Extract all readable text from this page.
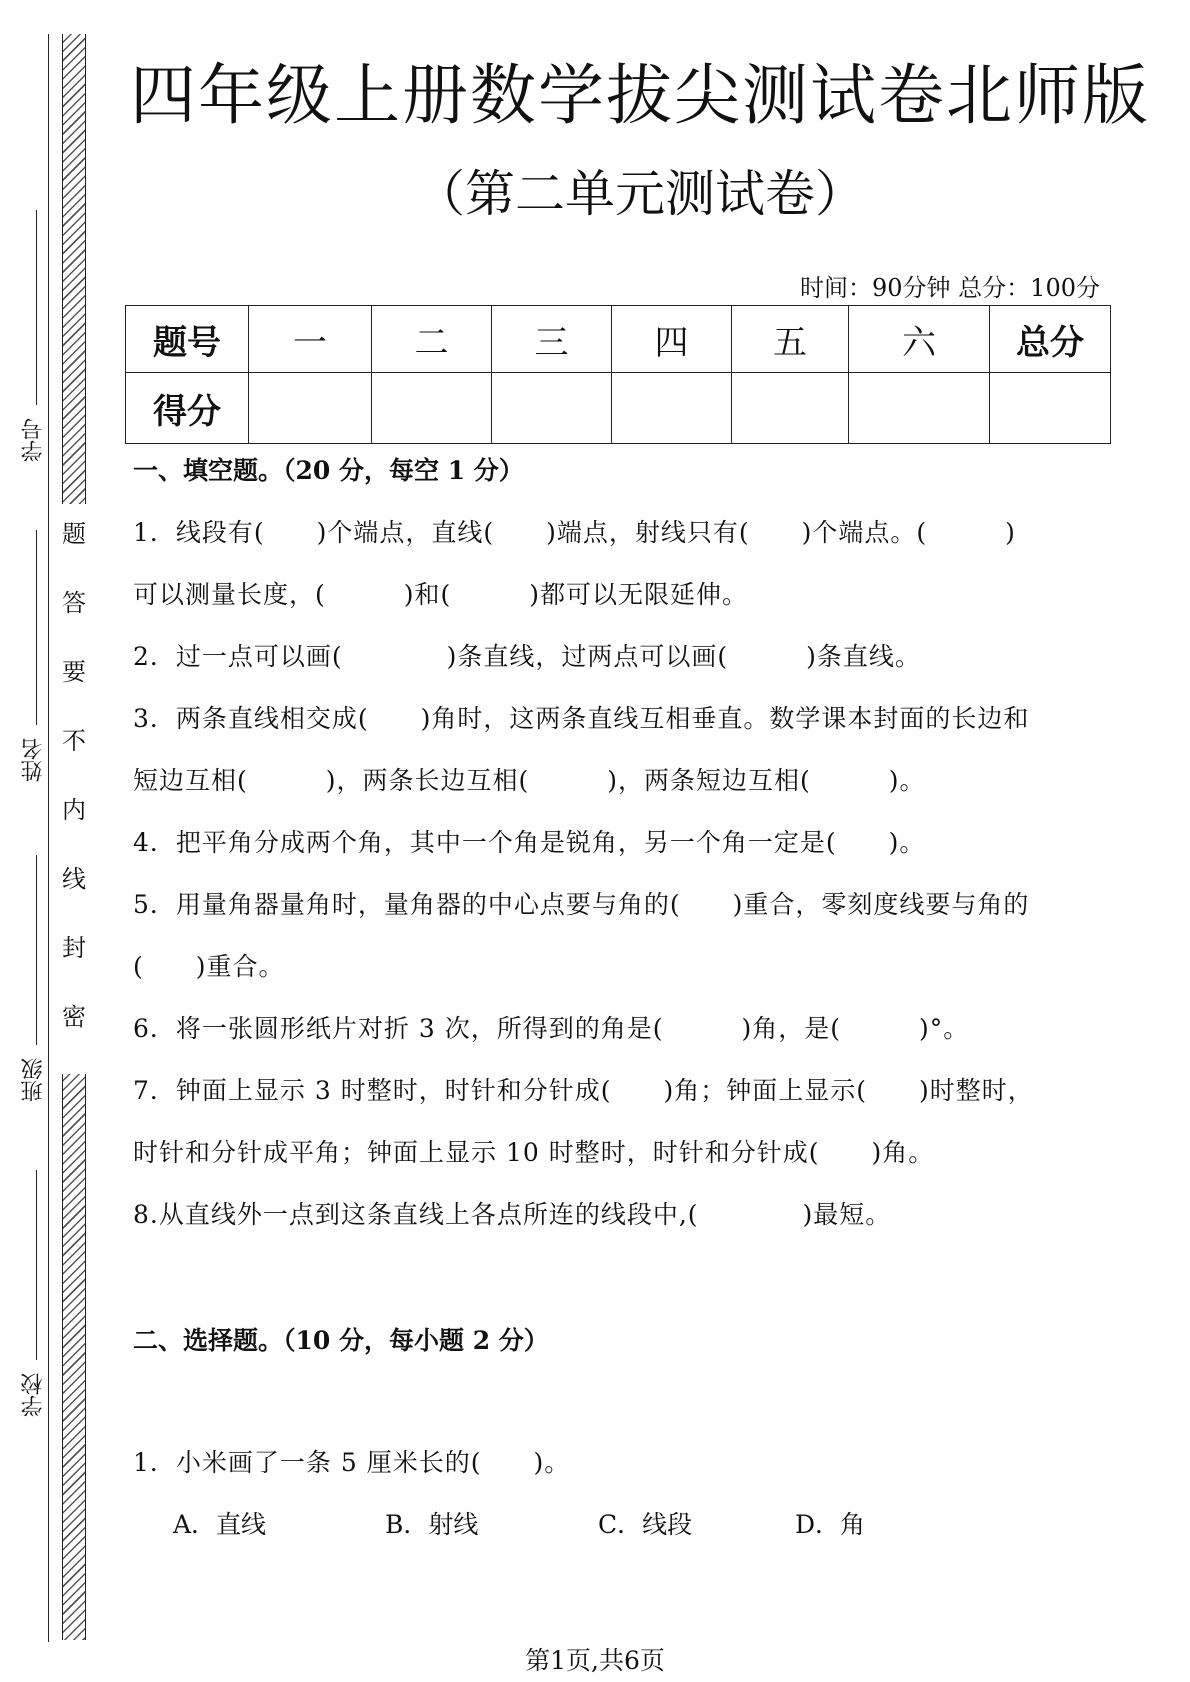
题
答
要
不
内
线
封
密
学号
姓名
班级
学校
四年级上册数学拔尖测试卷北师版
（第二单元测试卷）
时间：90分钟 总分：100分
题号	一	二	三	四	五	六	总分
得分							
一、填空题。（20 分，每空 1 分）
1．线段有(　　)个端点，直线(　　)端点，射线只有(　　)个端点。(　　　)
可以测量长度，(　　　)和(　　　)都可以无限延伸。
2．过一点可以画(　　　　)条直线，过两点可以画(　　　)条直线。
3．两条直线相交成(　　)角时，这两条直线互相垂直。数学课本封面的长边和
短边互相(　　　)，两条长边互相(　　　)，两条短边互相(　　　)。
4．把平角分成两个角，其中一个角是锐角，另一个角一定是(　　)。
5．用量角器量角时，量角器的中心点要与角的(　　)重合，零刻度线要与角的
(　　)重合。
6．将一张圆形纸片对折 3 次，所得到的角是(　　　)角，是(　　　)°。
7．钟面上显示 3 时整时，时针和分针成(　　)角；钟面上显示(　　)时整时，
时针和分针成平角；钟面上显示 10 时整时，时针和分针成(　　)角。
8.从直线外一点到这条直线上各点所连的线段中,(　　　　)最短。
二、选择题。（10 分，每小题 2 分）
1．小米画了一条 5 厘米长的(　　)。
A．直线	B．射线	C．线段	D．角
第1页,共6页
